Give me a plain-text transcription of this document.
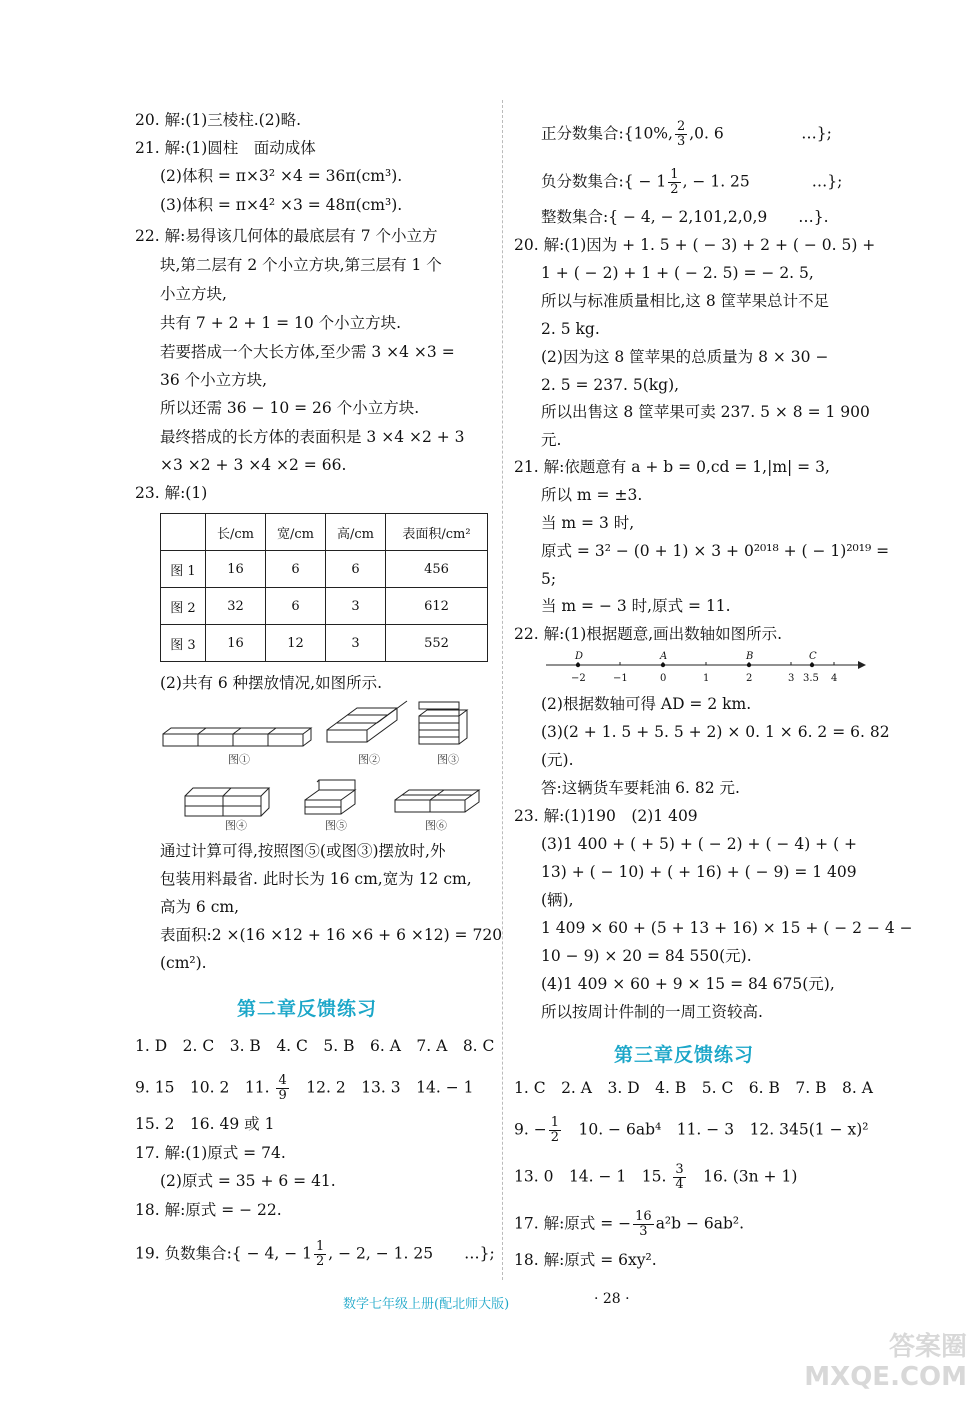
20. 解:(1)三棱柱.(2)略.
21. 解:(1)圆柱　面动成体
(2)体积 = π×3² ×4 = 36π(cm³).
(3)体积 = π×4² ×3 = 48π(cm³).
22. 解:易得该几何体的最底层有 7 个小立方
块,第二层有 2 个小立方块,第三层有 1 个
小立方块,
共有 7 + 2 + 1 = 10 个小立方块.
若要搭成一个大长方体,至少需 3 ×4 ×3 =
36 个小立方块,
所以还需 36 − 10 = 26 个小立方块.
最终搭成的长方体的表面积是 3 ×4 ×2 + 3
×3 ×2 + 3 ×4 ×2 = 66.
23. 解:(1)
	长/cm	宽/cm	高/cm	表面积/cm²
图 1	16	6	6	456
图 2	32	6	3	612
图 3	16	12	3	552
(2)共有 6 种摆放情况,如图所示.
图①	图②	图③
图④	图⑤	图⑥
通过计算可得,按照图⑤(或图③)摆放时,外
包装用料最省. 此时长为 16 cm,宽为 12 cm,
高为 6 cm,
表面积:2 ×(16 ×12 + 16 ×6 + 6 ×12) = 720
(cm²).
第二章反馈练习
1. D　2. C　3. B　4. C　5. B　6. A　7. A　8. C
9. 15　10. 2　11. $\frac{4}{9}$ 　12. 2　13. 3　14. − 1
15. 2　16. 49 或 1
17. 解:(1)原式 = 74.
(2)原式 = 35 + 6 = 41.
18. 解:原式 = − 22.
19. 负数集合:{ − 4, − $1 \frac{1}{2}$ , − 2, − 1. 25　　…};
正分数集合:{10%, $\frac{2}{3} ,0$. 6　　　　　…};
负分数集合:{ − $1 \frac{1}{2}$ , − 1. 25　　　　…};
整数集合:{ − 4, − 2,101,2,0,9　　…}.
20. 解:(1)因为 + 1. 5 + ( − 3) + 2 + ( − 0. 5) +
1 + ( − 2) + 1 + ( − 2. 5) = − 2. 5,
所以与标准质量相比,这 8 筐苹果总计不足
2. 5 kg.
(2)因为这 8 筐苹果的总质量为 8 × 30 −
2. 5 = 237. 5(kg),
所以出售这 8 筐苹果可卖 237. 5 × 8 = 1 900
元.
21. 解:依题意有 a + b = 0,cd = 1,|m| = 3,
所以 m = ±3.
当 m = 3 时,
原式 = 3² − (0 + 1) × 3 + 0²⁰¹⁸ + ( − 1)²⁰¹⁹ =
5;
当 m = − 3 时,原式 = 11.
22. 解:(1)根据题意,画出数轴如图所示.
D	A	B	C
−2	−1	0	1	2	3 3.5 4
(2)根据数轴可得 AD = 2 km.
(3)(2 + 1. 5 + 5. 5 + 2) × 0. 1 × 6. 2 = 6. 82
(元).
答:这辆货车要耗油 6. 82 元.
23. 解:(1)190　(2)1 409
(3)1 400 + ( + 5) + ( − 2) + ( − 4) + ( +
13) + ( − 10) + ( + 16) + ( − 9) = 1 409
(辆),
1 409 × 60 + (5 + 13 + 16) × 15 + ( − 2 − 4 −
10 − 9) × 20 = 84 550(元).
(4)1 409 × 60 + 9 × 15 = 84 675(元),
所以按周计件制的一周工资较高.
第三章反馈练习
1. C　2. A　3. D　4. B　5. C　6. B　7. B　8. A
9. − $\frac{1}{2}$ 　10. − 6ab⁴　11. − 3　12. 345(1 − x)²
13. 0　14. − 1　15. $\frac{3}{4}$ 　16. (3n + 1)
17. 解:原式 = − $\frac{16}{3} a^2b - 6ab^2$.
18. 解:原式 = 6xy².
数学七年级上册(配北师大版)	· 28 ·
答案圈 MXQE.COM
